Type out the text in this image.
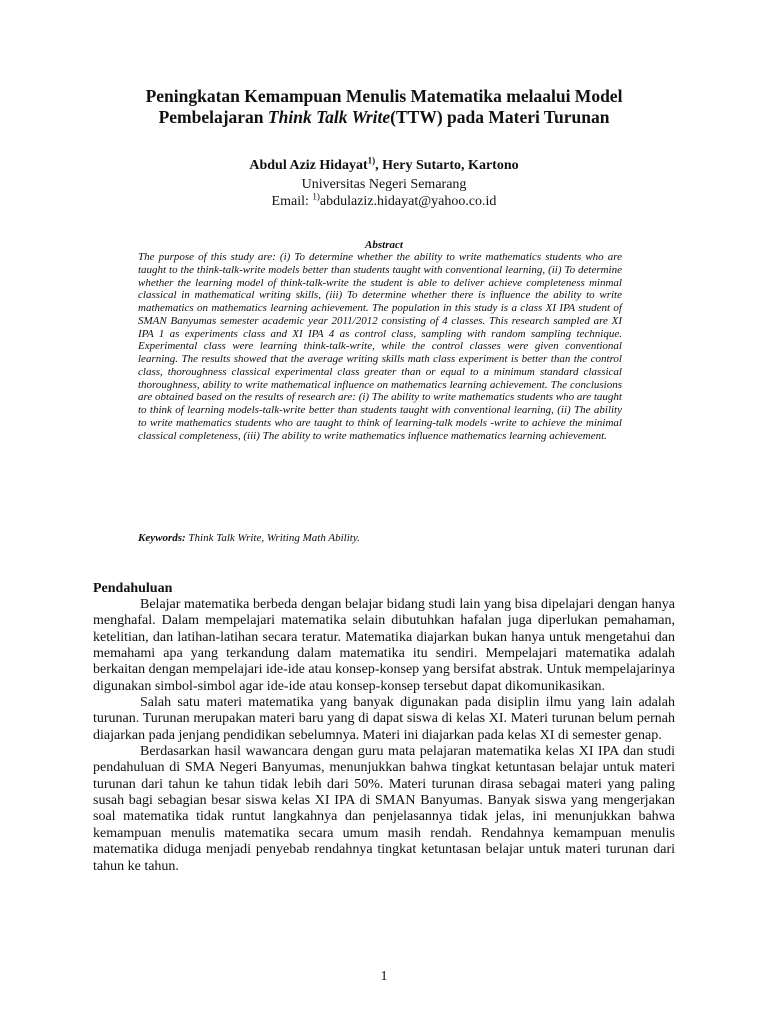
Peningkatan Kemampuan Menulis Matematika melaalui Model
Pembelajaran Think Talk Write(TTW) pada Materi Turunan
Abdul Aziz Hidayat$^{1)}$, Hery Sutarto, Kartono
Universitas Negeri Semarang
Email: $^{1)}$abdulaziz.hidayat@yahoo.co.id
Abstract
The purpose of this study are: (i) To determine whether the ability to write mathematics students who are taught to the think-talk-write models better than students taught with conventional learning, (ii) To determine whether the learning model of think-talk-write the student is able to deliver achieve completeness minmal classical in mathematical writing skills, (iii) To determine whether there is influence the ability to write mathematics on mathematics learning achievement. The population in this study is a class XI IPA student of SMAN Banyumas semester academic year 2011/2012 consisting of 4 classes. This research sampled are XI IPA 1 as experiments class and XI IPA 4 as control class, sampling with random sampling technique. Experimental class were learning think-talk-write, while the control classes were given conventional learning. The results showed that the average writing skills math class experiment is better than the control class, thoroughness classical experimental class greater than or equal to a minimum standard classical thoroughness, ability to write mathematical influence on mathematics learning achievement. The conclusions are obtained based on the results of research are: (i) The ability to write mathematics students who are taught to think of learning models-talk-write better than students taught with conventional learning, (ii) The ability to write mathematics students who are taught to think of learning-talk models -write to achieve the minimal classical completeness, (iii) The ability to write mathematics influence mathematics learning achievement.
Keywords: Think Talk Write, Writing Math Ability.
Pendahuluan

Belajar matematika berbeda dengan belajar bidang studi lain yang bisa dipelajari dengan hanya menghafal. Dalam mempelajari matematika selain dibutuhkan hafalan juga diperlukan pemahaman, ketelitian, dan latihan-latihan secara teratur. Matematika diajarkan bukan hanya untuk mengetahui dan memahami apa yang terkandung dalam matematika itu sendiri. Mempelajari matematika adalah berkaitan dengan mempelajari ide-ide atau konsep-konsep yang bersifat abstrak. Untuk mempelajarinya digunakan simbol-simbol agar ide-ide atau konsep-konsep tersebut dapat dikomunikasikan.

Salah satu materi matematika yang banyak digunakan pada disiplin ilmu yang lain adalah turunan. Turunan merupakan materi baru yang di dapat siswa di kelas XI. Materi turunan belum pernah diajarkan pada jenjang pendidikan sebelumnya. Materi ini diajarkan pada kelas XI di semester genap.

Berdasarkan hasil wawancara dengan guru mata pelajaran matematika kelas XI IPA dan studi pendahuluan di SMA Negeri Banyumas, menunjukkan bahwa tingkat ketuntasan belajar untuk materi turunan dari tahun ke tahun tidak lebih dari 50%. Materi turunan dirasa sebagai materi yang paling susah bagi sebagian besar siswa kelas XI IPA di SMAN Banyumas. Banyak siswa yang mengerjakan soal matematika tidak runtut langkahnya dan penjelasannya tidak jelas, ini menunjukkan bahwa kemampuan menulis matematika secara umum masih rendah. Rendahnya kemampuan menulis matematika diduga menjadi penyebab rendahnya tingkat ketuntasan belajar untuk materi turunan dari tahun ke tahun.

1
